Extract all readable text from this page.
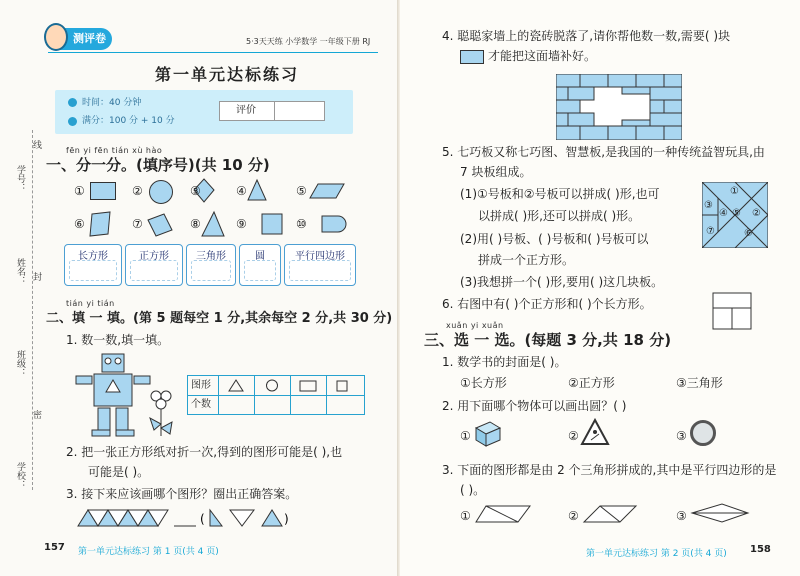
学号：
线
姓名： 封
班级：
密
学校：
测评卷	5·3天天练 小学数学 一年级下册 RJ
第一单元达标练习
时间：40 分钟
满分：100 分 + 10 分
评价
fēn yi fēn tián xù hào
一、分一分。(填序号)(共 10 分)
①	②	③	④	⑤
⑥	⑦	⑧	⑨	⑩
长方形	正方形	三角形	圆	平行四边形
tián yi tián
二、填 一 填。(第 5 题每空 1 分,其余每空 2 分,共 30 分)
1. 数一数,填一填。
图形
个数
2. 把一张正方形纸对折一次,得到的图形可能是( ),也
可能是( )。
3. 接下来应该画哪个图形？圈出正确答案。
(	)
157 第一单元达标练习 第 1 页(共 4 页)
4. 聪聪家墙上的瓷砖脱落了,请你帮他数一数,需要( )块
才能把这面墙补好。
5. 七巧板又称七巧图、智慧板,是我国的一种传统益智玩具,由
7 块板组成。
(1)①号板和②号板可以拼成( )形,也可
以拼成( )形,还可以拼成( )形。
(2)用( )号板、( )号板和( )号板可以
拼成一个正方形。
(3)我想拼一个( )形,要用( )这几块板。
①
②
③
④ ⑤
⑥
⑦
6. 右图中有( )个正方形和( )个长方形。
xuǎn yi xuǎn
三、选 一 选。(每题 3 分,共 18 分)
1. 数学书的封面是( )。
①长方形	②正方形	③三角形
2. 用下面哪个物体可以画出圆？( )
①	②	③
3. 下面的图形都是由 2 个三角形拼成的,其中是平行四边形的是
( )。
①	②	③
第一单元达标练习 第 2 页(共 4 页) 158
